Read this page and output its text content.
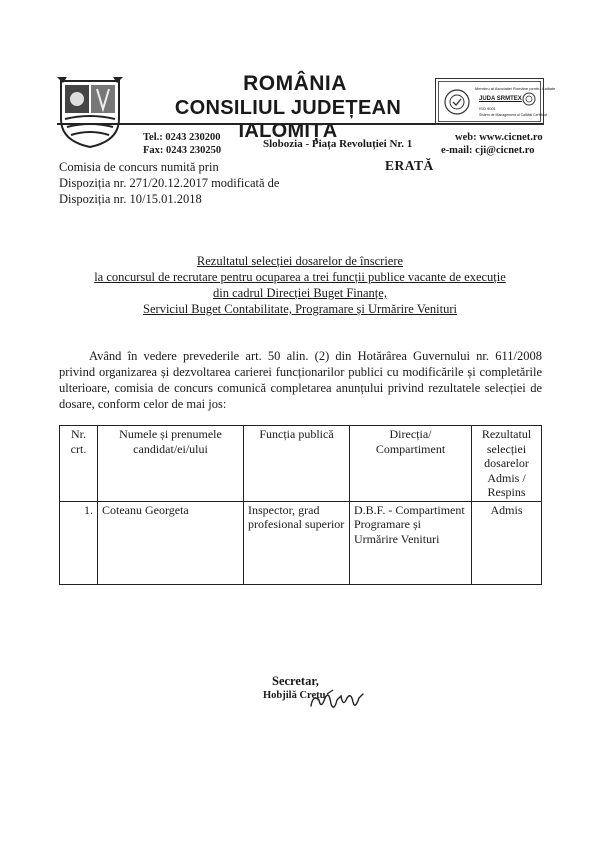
ROMÂNIA
CONSILIUL JUDEȚEAN IALOMIȚA
Membru al Asociației Române pentru Calitate
JUDA SRMTEX
ISO 9001
Sistem de Management al Calității Certificat
Tel.: 0243 230200
Fax: 0243 230250
Slobozia - Piața Revoluției Nr. 1
web: www.cicnet.ro
e-mail: cji@cicnet.ro
Comisia de concurs numită prin
Dispoziția nr. 271/20.12.2017 modificată de
Dispoziția nr. 10/15.01.2018
ERATĂ
Rezultatul selecției dosarelor de înscriere
la concursul de recrutare pentru ocuparea a trei funcții publice vacante de execuție
din cadrul Direcției Buget Finanțe,
Serviciul Buget Contabilitate, Programare și Urmărire Venituri
Având în vedere prevederile art. 50 alin. (2) din Hotărârea Guvernului nr. 611/2008 privind organizarea și dezvoltarea carierei funcționarilor publici cu modificările și completările ulterioare, comisia de concurs comunică completarea anunțului privind rezultatele selecției de dosare, conform celor de mai jos:
Nr. crt.	Numele și prenumele candidat/ei/ului	Funcția publică	Direcția/ Compartiment	Rezultatul selecției dosarelor Admis / Respins
1.	Coteanu Georgeta	Inspector, grad profesional superior	D.B.F. - Compartiment Programare și Urmărire Venituri	Admis
Secretar,
Hobjilă Crețu
